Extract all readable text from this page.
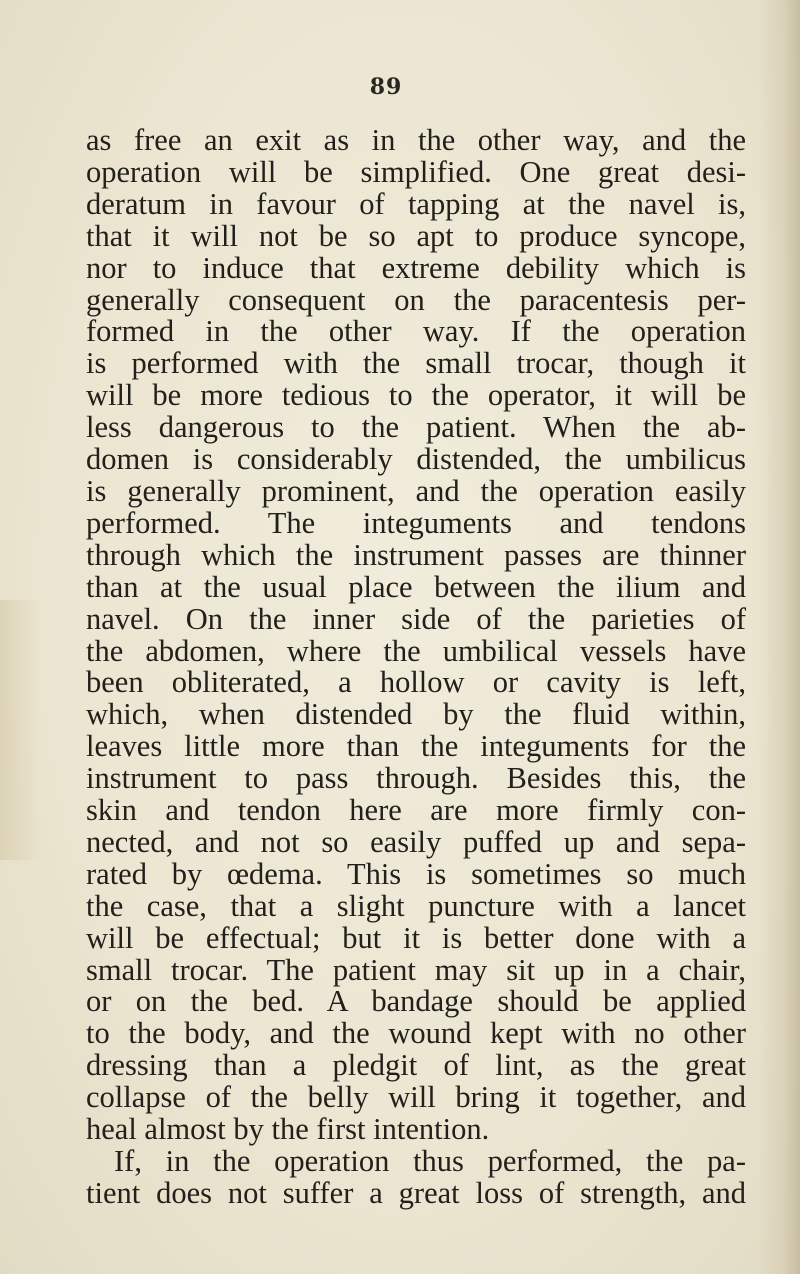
89
as free an exit as in the other way, and the
operation will be simplified. One great desi-
deratum in favour of tapping at the navel is,
that it will not be so apt to produce syncope,
nor to induce that extreme debility which is
generally consequent on the paracentesis per-
formed in the other way. If the operation
is performed with the small trocar, though it
will be more tedious to the operator, it will be
less dangerous to the patient. When the ab-
domen is considerably distended, the umbilicus
is generally prominent, and the operation easily
performed. The integuments and tendons
through which the instrument passes are thinner
than at the usual place between the ilium and
navel. On the inner side of the parieties of
the abdomen, where the umbilical vessels have
been obliterated, a hollow or cavity is left,
which, when distended by the fluid within,
leaves little more than the integuments for the
instrument to pass through. Besides this, the
skin and tendon here are more firmly con-
nected, and not so easily puffed up and sepa-
rated by œdema. This is sometimes so much
the case, that a slight puncture with a lancet
will be effectual; but it is better done with a
small trocar. The patient may sit up in a chair,
or on the bed. A bandage should be applied
to the body, and the wound kept with no other
dressing than a pledgit of lint, as the great
collapse of the belly will bring it together, and
heal almost by the first intention.
If, in the operation thus performed, the pa-
tient does not suffer a great loss of strength, and
